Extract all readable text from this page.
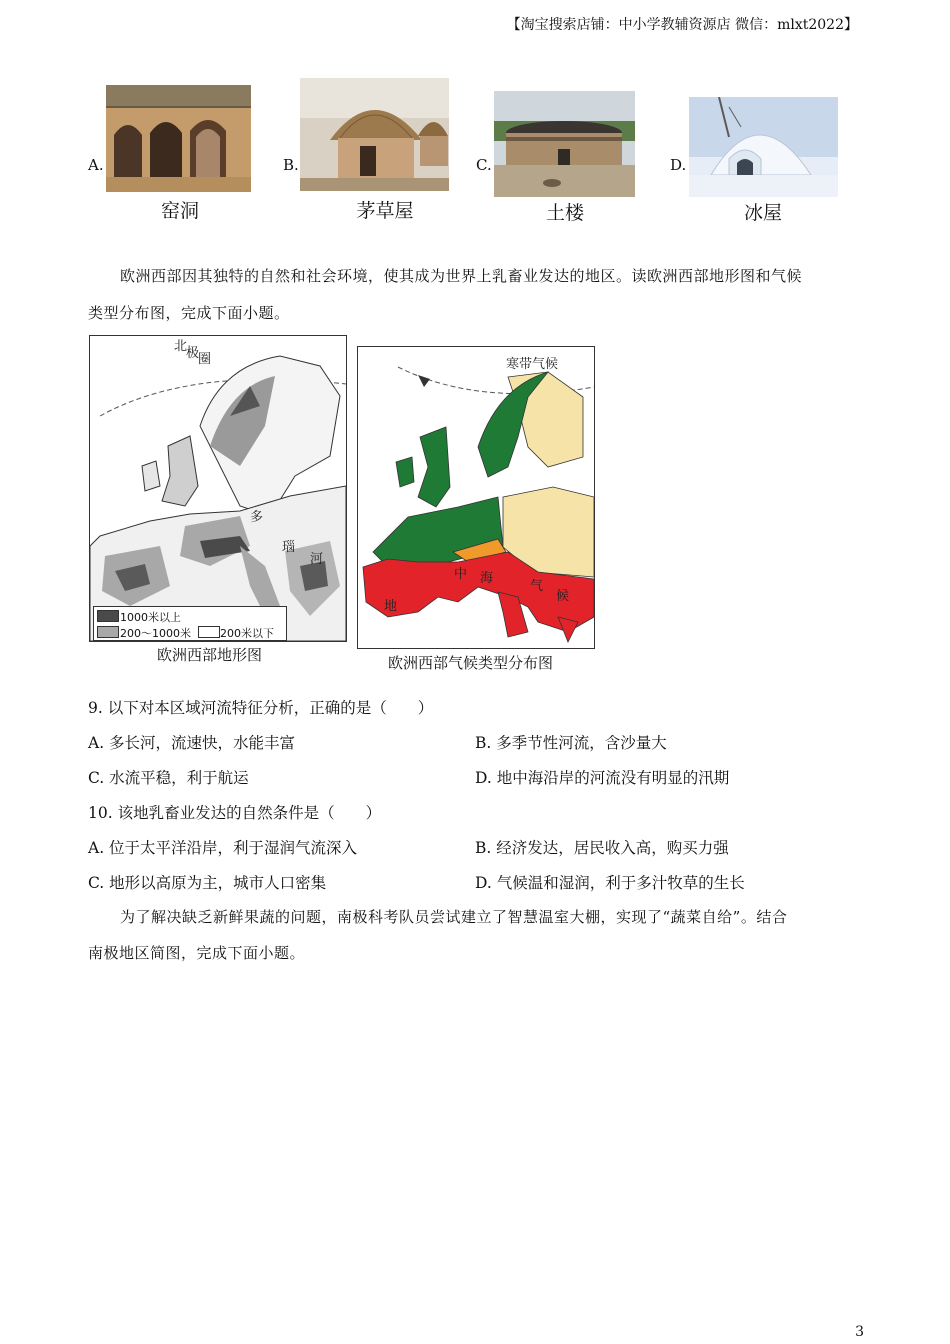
【淘宝搜索店铺：中小学教辅资源店 微信：mlxt2022】
A.
窑洞
B.
茅草屋
C.
土楼
D.
冰屋
欧洲西部因其独特的自然和社会环境，使其成为世界上乳畜业发达的地区。读欧洲西部地形图和气候
类型分布图，完成下面小题。
北
极
圈
多
瑙
河
1000米以上
200～1000米	200米以下
欧洲西部地形图
寒带气候
地
中 海
气
候
欧洲西部气候类型分布图
9. 以下对本区域河流特征分析，正确的是（　　）
A. 多长河，流速快，水能丰富	B. 多季节性河流，含沙量大
C. 水流平稳，利于航运	D. 地中海沿岸的河流没有明显的汛期
10. 该地乳畜业发达的自然条件是（　　）
A. 位于太平洋沿岸，利于湿润气流深入	B. 经济发达，居民收入高，购买力强
C. 地形以高原为主，城市人口密集	D. 气候温和湿润，利于多汁牧草的生长
为了解决缺乏新鲜果蔬的问题，南极科考队员尝试建立了智慧温室大棚，实现了“蔬菜自给”。结合
南极地区简图，完成下面小题。
3
